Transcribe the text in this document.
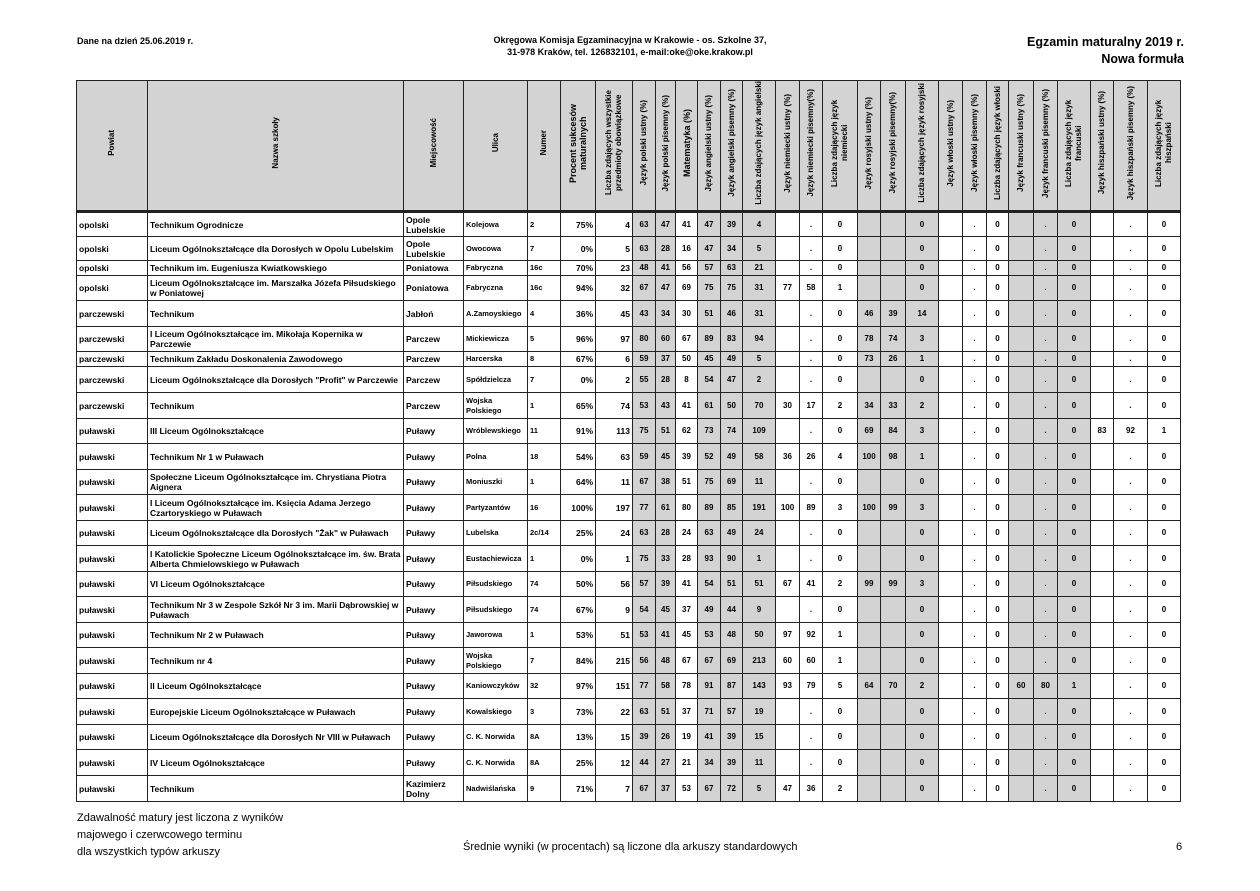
Dane na dzień 25.06.2019 r.	Okręgowa Komisja Egzaminacyjna w Krakowie - os. Szkolne 37,
31-978 Kraków, tel. 126832101, e-mail:oke@oke.krakow.pl
Egzamin maturalny 2019 r.
Nowa formuła
Powiat	Nazwa szkoły	Miejscowość	Ulica	Numer	Procent sukcesów maturalnych	Liczba zdających wszystkie przedmioty obowiązkowe	Język polski ustny (%)	Język polski pisemny (%)	Matematyka (%)	Język angielski ustny (%)	Język angielski pisemny (%)	Liczba zdających język angielski	Język niemiecki ustny (%)	Język niemiecki pisemny(%)	Liczba zdających język niemiecki	Język rosyjski ustny (%)	Język rosyjski pisemny(%)	Liczba zdających język rosyjski	Język włoski ustny (%)	Język włoski pisemny (%)	Liczba zdających język włoski	Język francuski ustny (%)	Język francuski pisemny (%)	Liczba zdających język francuski	Język hiszpański ustny (%)	Język hiszpański pisemny (%)	Liczba zdających język hiszpański
opolski	Technikum Ogrodnicze	Opole Lubelskie	Kolejowa	2	75%	4	63	47	41	47	39	4		.	0			0		.	0		.	0		.	0
opolski	Liceum Ogólnokształcące dla Dorosłych w Opolu Lubelskim	Opole Lubelskie	Owocowa	7	0%	5	63	28	16	47	34	5		.	0			0		.	0		.	0		.	0
opolski	Technikum im. Eugeniusza Kwiatkowskiego	Poniatowa	Fabryczna	16c	70%	23	48	41	56	57	63	21		.	0			0		.	0		.	0		.	0
opolski	Liceum Ogólnokształcące im. Marszałka Józefa Piłsudskiego w Poniatowej	Poniatowa	Fabryczna	16c	94%	32	67	47	69	75	75	31	77	58	1			0		.	0		.	0		.	0
parczewski	Technikum	Jabłoń	A.Zamoyskiego	4	36%	45	43	34	30	51	46	31		.	0	46	39	14		.	0		.	0		.	0
parczewski	I Liceum Ogólnokształcące im. Mikołaja Kopernika w Parczewie	Parczew	Mickiewicza	5	96%	97	80	60	67	89	83	94		.	0	78	74	3		.	0		.	0		.	0
parczewski	Technikum Zakładu Doskonalenia Zawodowego	Parczew	Harcerska	8	67%	6	59	37	50	45	49	5		.	0	73	26	1		.	0		.	0		.	0
parczewski	Liceum Ogólnokształcące dla Dorosłych "Profit" w Parczewie	Parczew	Spółdzielcza	7	0%	2	55	28	8	54	47	2		.	0			0		.	0		.	0		.	0
parczewski	Technikum	Parczew	Wojska Polskiego	1	65%	74	53	43	41	61	50	70	30	17	2	34	33	2		.	0		.	0		.	0
puławski	III Liceum Ogólnokształcące	Puławy	Wróblewskiego	11	91%	113	75	51	62	73	74	109		.	0	69	84	3		.	0		.	0	83	92	1
puławski	Technikum Nr 1 w Puławach	Puławy	Polna	18	54%	63	59	45	39	52	49	58	36	26	4	100	98	1		.	0		.	0		.	0
puławski	Społeczne Liceum Ogólnokształcące im. Chrystiana Piotra Aignera	Puławy	Moniuszki	1	64%	11	67	38	51	75	69	11		.	0			0		.	0		.	0		.	0
puławski	I Liceum Ogólnokształcące im. Księcia Adama Jerzego Czartoryskiego w Puławach	Puławy	Partyzantów	16	100%	197	77	61	80	89	85	191	100	89	3	100	99	3		.	0		.	0		.	0
puławski	Liceum Ogólnokształcące dla Dorosłych "Żak" w Puławach	Puławy	Lubelska	2c/14	25%	24	63	28	24	63	49	24		.	0			0		.	0		.	0		.	0
puławski	I Katolickie Społeczne Liceum Ogólnokształcące im. św. Brata Alberta Chmielowskiego w Puławach	Puławy	Eustachiewicza	1	0%	1	75	33	28	93	90	1		.	0			0		.	0		.	0		.	0
puławski	VI Liceum Ogólnokształcące	Puławy	Piłsudskiego	74	50%	56	57	39	41	54	51	51	67	41	2	99	99	3		.	0		.	0		.	0
puławski	Technikum Nr 3 w Zespole Szkół Nr 3 im. Marii Dąbrowskiej w Puławach	Puławy	Piłsudskiego	74	67%	9	54	45	37	49	44	9		.	0			0		.	0		.	0		.	0
puławski	Technikum Nr 2 w Puławach	Puławy	Jaworowa	1	53%	51	53	41	45	53	48	50	97	92	1			0		.	0		.	0		.	0
puławski	Technikum nr 4	Puławy	Wojska Polskiego	7	84%	215	56	48	67	67	69	213	60	60	1			0		.	0		.	0		.	0
puławski	II Liceum Ogólnokształcące	Puławy	Kaniowczyków	32	97%	151	77	58	78	91	87	143	93	79	5	64	70	2		.	0	60	80	1		.	0
puławski	Europejskie Liceum Ogólnokształcące w Puławach	Puławy	Kowalskiego	3	73%	22	63	51	37	71	57	19		.	0			0		.	0		.	0		.	0
puławski	Liceum Ogólnokształcące dla Dorosłych Nr VIII w Puławach	Puławy	C. K. Norwida	8A	13%	15	39	26	19	41	39	15		.	0			0		.	0		.	0		.	0
puławski	IV Liceum Ogólnokształcące	Puławy	C. K. Norwida	8A	25%	12	44	27	21	34	39	11		.	0			0		.	0		.	0		.	0
puławski	Technikum	Kazimierz Dolny	Nadwiślańska	9	71%	7	67	37	53	67	72	5	47	36	2			0		.	0		.	0		.	0
Zdawalność matury jest liczona z wyników
majowego i czerwcowego terminu
dla wszystkich typów arkuszy	Średnie wyniki (w procentach) są liczone dla arkuszy standardowych	6
